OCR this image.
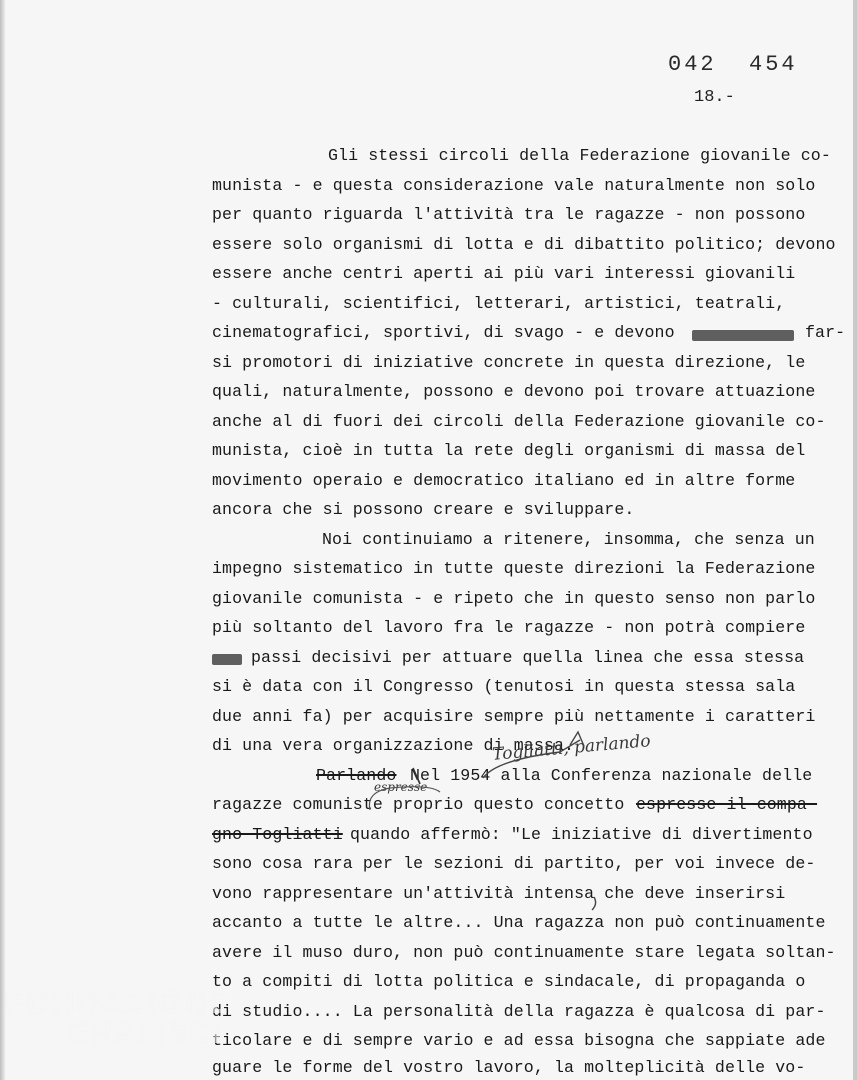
042  454
18.-
Gli stessi circoli della Federazione giovanile co-
munista - e questa considerazione vale naturalmente non solo
per quanto riguarda l'attività tra le ragazze - non possono
essere solo organismi di lotta e di dibattito politico; devono
essere anche centri aperti ai più vari interessi giovanili
- culturali, scientifici, letterari, artistici, teatrali,
cinematografici, sportivi, di svago - e devono	far-
si promotori di iniziative concrete in questa direzione, le
quali, naturalmente, possono e devono poi trovare attuazione
anche al di fuori dei circoli della Federazione giovanile co-
munista, cioè in tutta la rete degli organismi di massa del
movimento operaio e democratico italiano ed in altre forme
ancora che si possono creare e sviluppare.
Noi continuiamo a ritenere, insomma, che senza un
impegno sistematico in tutte queste direzioni la Federazione
giovanile comunista - e ripeto che in questo senso non parlo
più soltanto del lavoro fra le ragazze - non potrà compiere
passi decisivi per attuare quella linea che essa stessa
si è data con il Congresso (tenutosi in questa stessa sala
due anni fa) per acquisire sempre più nettamente i caratteri
di una vera organizzazione di massa.
Parlando Nel 1954 alla Conferenza nazionale delle
ragazze comuniste proprio questo concetto espresse il compa-
gno Togliatti quando affermò: "Le iniziative di divertimento
sono cosa rara per le sezioni di partito, per voi invece de-
vono rappresentare un'attività intensa che deve inserirsi
accanto a tutte le altre... Una ragazza non può continuamente
avere il muso duro, non può continuamente stare legata soltan-
to a compiti di lotta politica e sindacale, di propaganda o
di studio.... La personalità della ragazza è qualcosa di par-
ticolare e di sempre vario e ad essa bisogna che sappiate ade
guare le forme del vostro lavoro, la molteplicità delle vo-
Togliatti, parlando
espresse
FONDAZIONE
GRAMSCI
